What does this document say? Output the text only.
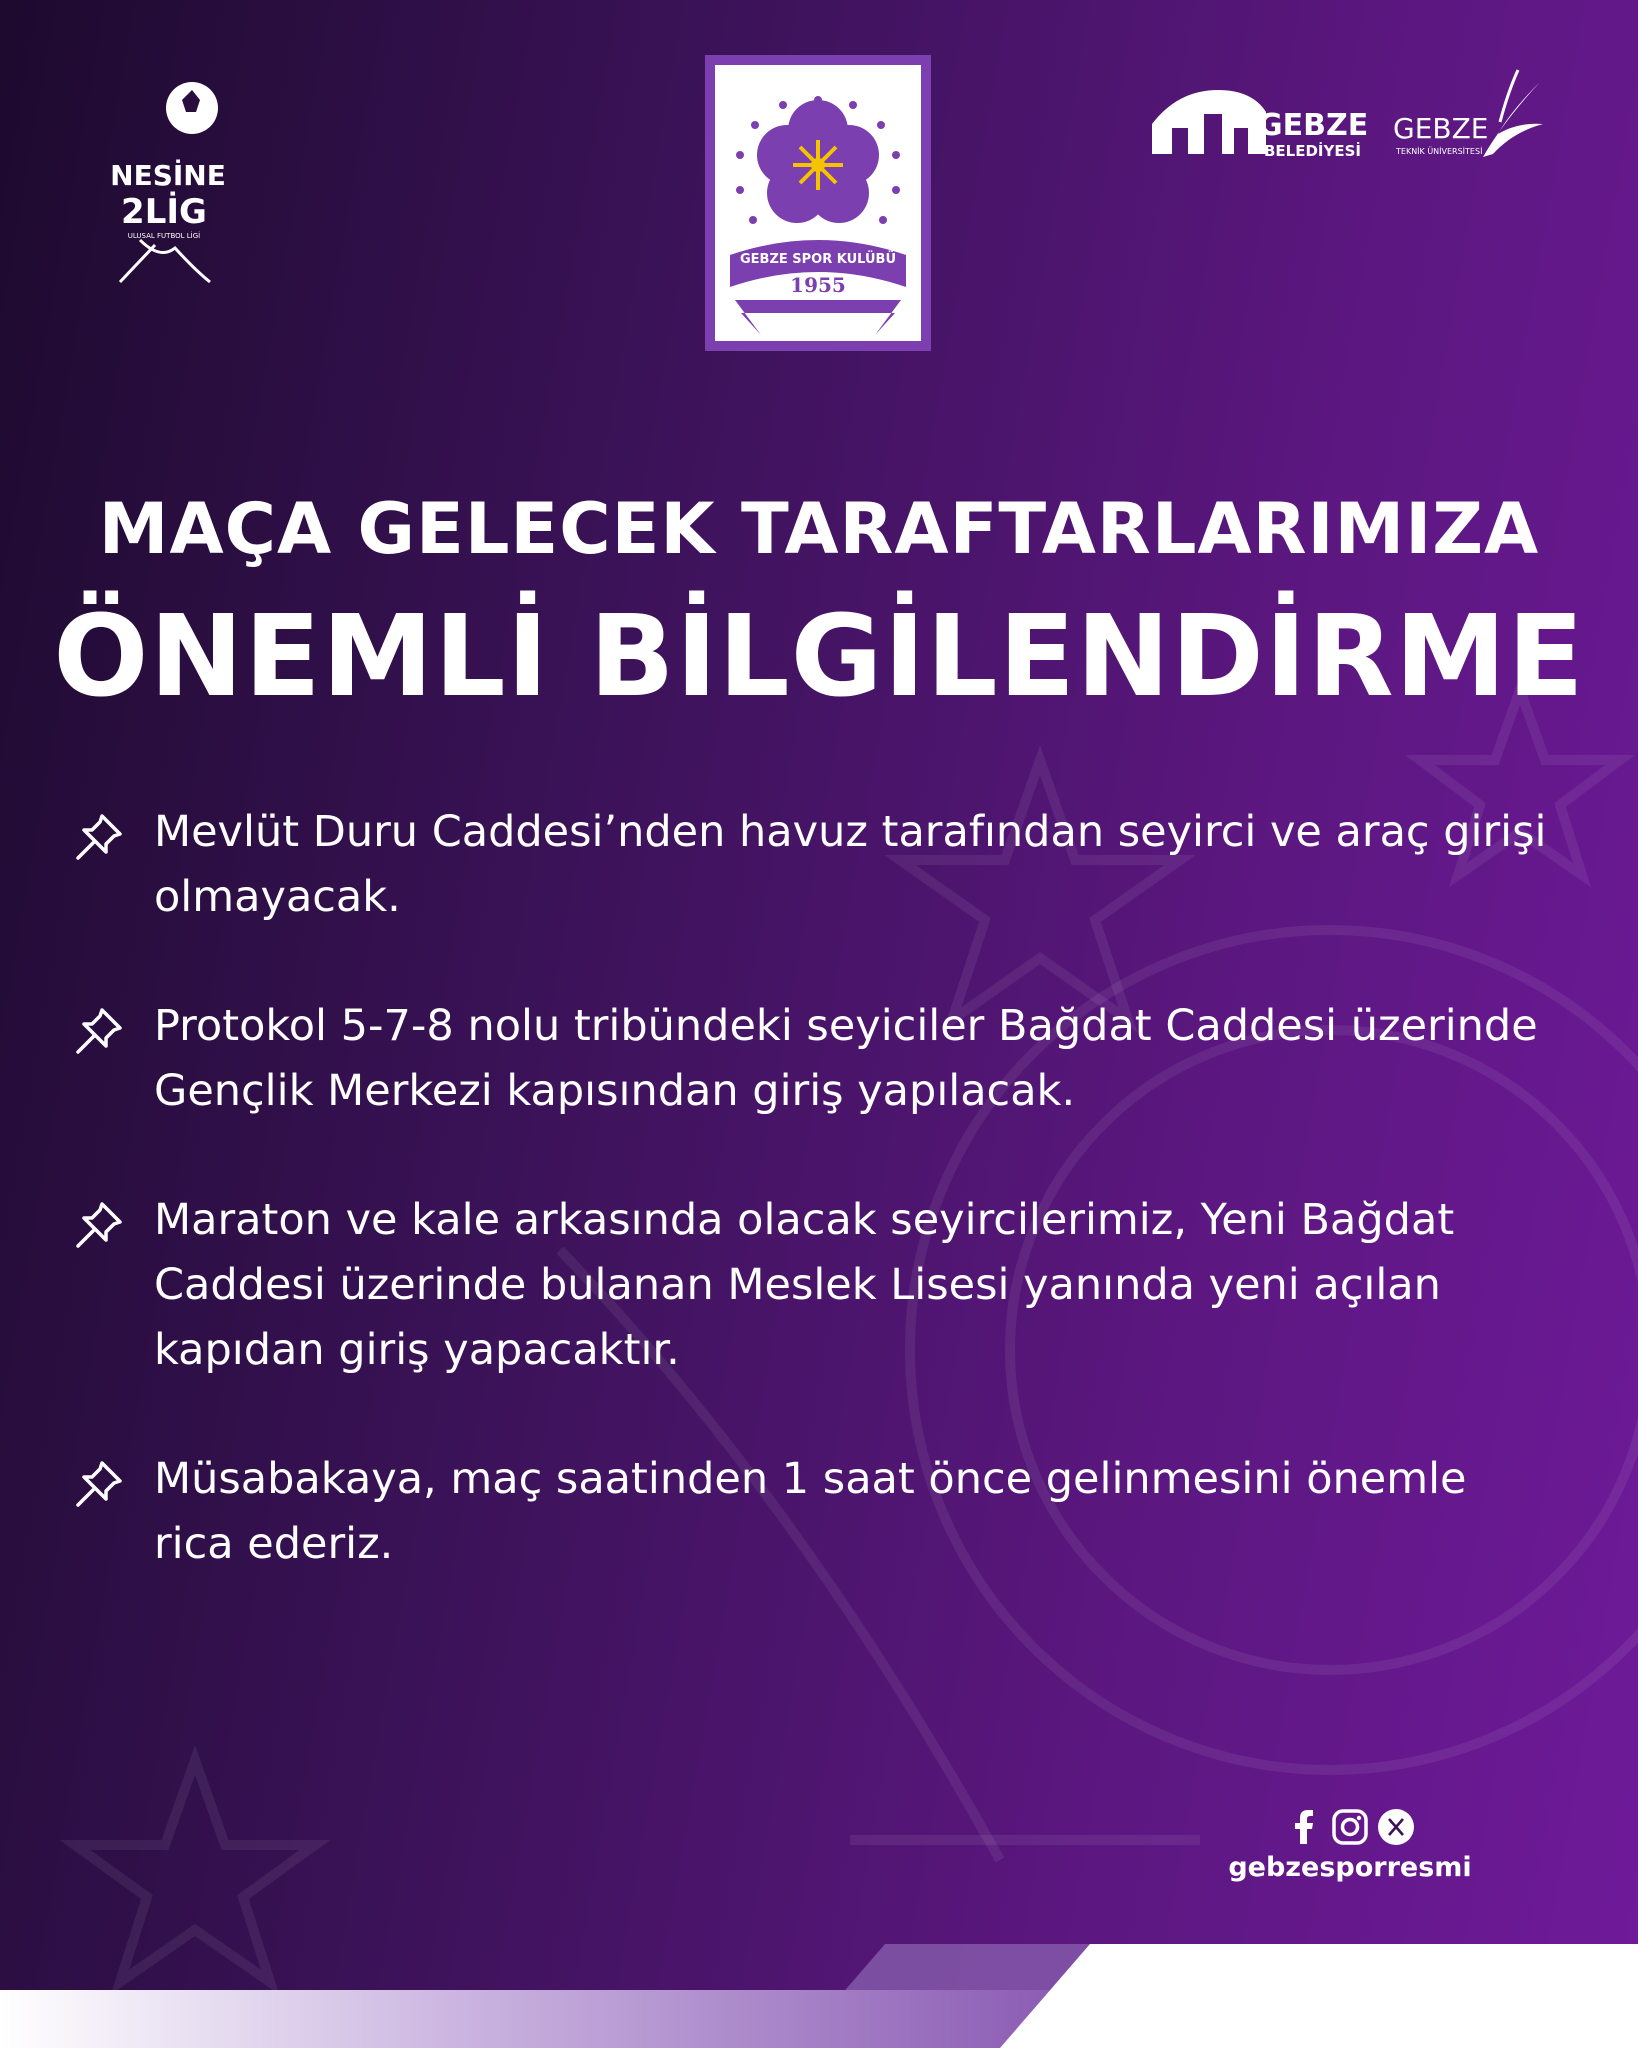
NESİNE
2LİG
ULUSAL FUTBOL LİGİ
GEBZE SPOR KULÜBÜ
1955
GEBZE
BELEDİYESİ
GEBZE
TEKNİK ÜNİVERSİTESİ
MAÇA GELECEK TARAFTARLARIMIZA
ÖNEMLİ BİLGİLENDİRME

Mevlüt Duru Caddesi’nden havuz tarafından seyirci ve araç girişi olmayacak.

Protokol 5-7-8 nolu tribündeki seyiciler Bağdat Caddesi üzerinde Gençlik Merkezi kapısından giriş yapılacak.

Maraton ve kale arkasında olacak seyircilerimiz, Yeni Bağdat Caddesi üzerinde bulanan Meslek Lisesi yanında yeni açılan kapıdan giriş yapacaktır.

Müsabakaya, maç saatinden 1 saat önce gelinmesini önemle rica ederiz.

gebzesporresmi
